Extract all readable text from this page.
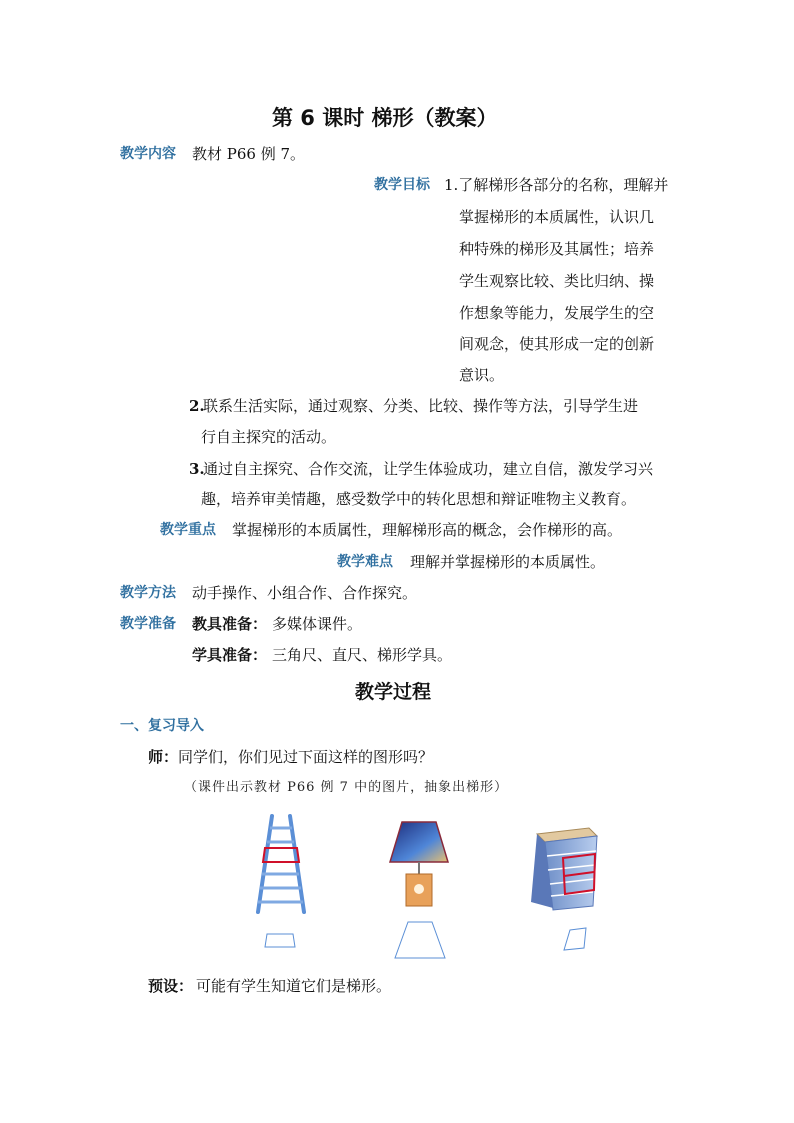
第 6 课时 梯形（教案）
教学内容 教材 P66 例 7。
教学目标 1.了解梯形各部分的名称，理解并
掌握梯形的本质属性，认识几
种特殊的梯形及其属性；培养
学生观察比较、类比归纳、操
作想象等能力，发展学生的空
间观念，使其形成一定的创新
意识。
2.
联系生活实际，通过观察、分类、比较、操作等方法，引导学生进
行自主探究的活动。
3.
通过自主探究、合作交流，让学生体验成功，建立自信，激发学习兴
趣，培养审美情趣，感受数学中的转化思想和辩证唯物主义教育。
教学重点 掌握梯形的本质属性，理解梯形高的概念，会作梯形的高。
教学难点 理解并掌握梯形的本质属性。
教学方法 动手操作、小组合作、合作探究。
教学准备 教具准备： 多媒体课件。
学具准备： 三角尺、直尺、梯形学具。
教学过程
一、复习导入
师： 同学们，你们见过下面这样的图形吗？
（课件出示教材 P66 例 7 中的图片，抽象出梯形）
预设： 可能有学生知道它们是梯形。
